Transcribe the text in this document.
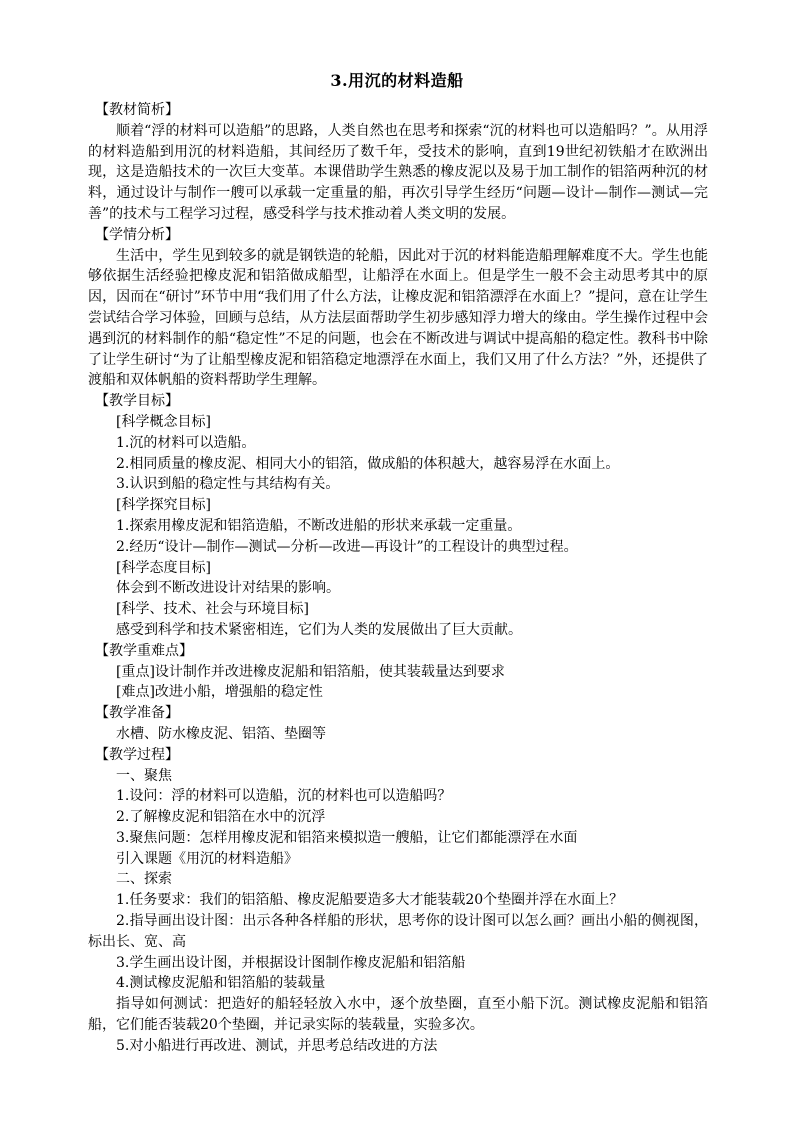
3.用沉的材料造船

【教材简析】

顺着“浮的材料可以造船”的思路，人类自然也在思考和探索“沉的材料也可以造船吗？”。从用浮的材料造船到用沉的材料造船，其间经历了数千年，受技术的影响，直到19世纪初铁船才在欧洲出现，这是造船技术的一次巨大变革。本课借助学生熟悉的橡皮泥以及易于加工制作的铝箔两种沉的材料，通过设计与制作一艘可以承载一定重量的船，再次引导学生经历“问题—设计—制作—测试—完善”的技术与工程学习过程，感受科学与技术推动着人类文明的发展。

【学情分析】

生活中，学生见到较多的就是钢铁造的轮船，因此对于沉的材料能造船理解难度不大。学生也能够依据生活经验把橡皮泥和铝箔做成船型，让船浮在水面上。但是学生一般不会主动思考其中的原因，因而在“研讨”环节中用“我们用了什么方法，让橡皮泥和铝箔漂浮在水面上？”提问，意在让学生尝试结合学习体验，回顾与总结，从方法层面帮助学生初步感知浮力增大的缘由。学生操作过程中会遇到沉的材料制作的船“稳定性”不足的问题，也会在不断改进与调试中提高船的稳定性。教科书中除了让学生研讨“为了让船型橡皮泥和铝箔稳定地漂浮在水面上，我们又用了什么方法？”外，还提供了渡船和双体帆船的资料帮助学生理解。

【教学目标】

[科学概念目标]

1.沉的材料可以造船。

2.相同质量的橡皮泥、相同大小的铝箔，做成船的体积越大，越容易浮在水面上。

3.认识到船的稳定性与其结构有关。

[科学探究目标]

1.探索用橡皮泥和铝箔造船，不断改进船的形状来承载一定重量。

2.经历“设计—制作—测试—分析—改进—再设计”的工程设计的典型过程。

[科学态度目标]

体会到不断改进设计对结果的影响。

[科学、技术、社会与环境目标]

感受到科学和技术紧密相连，它们为人类的发展做出了巨大贡献。

【教学重难点】

[重点]设计制作并改进橡皮泥船和铝箔船，使其装载量达到要求

[难点]改进小船，增强船的稳定性

【教学准备】

水槽、防水橡皮泥、铝箔、垫圈等

【教学过程】

一、聚焦

1.设问：浮的材料可以造船，沉的材料也可以造船吗？

2.了解橡皮泥和铝箔在水中的沉浮

3.聚焦问题：怎样用橡皮泥和铝箔来模拟造一艘船，让它们都能漂浮在水面

引入课题《用沉的材料造船》

二、探索

1.任务要求：我们的铝箔船、橡皮泥船要造多大才能装载20个垫圈并浮在水面上？

2.指导画出设计图：出示各种各样船的形状，思考你的设计图可以怎么画？画出小船的侧视图，标出长、宽、高

3.学生画出设计图，并根据设计图制作橡皮泥船和铝箔船

4.测试橡皮泥船和铝箔船的装载量

指导如何测试：把造好的船轻轻放入水中，逐个放垫圈，直至小船下沉。测试橡皮泥船和铝箔船，它们能否装载20个垫圈，并记录实际的装载量，实验多次。

5.对小船进行再改进、测试，并思考总结改进的方法
